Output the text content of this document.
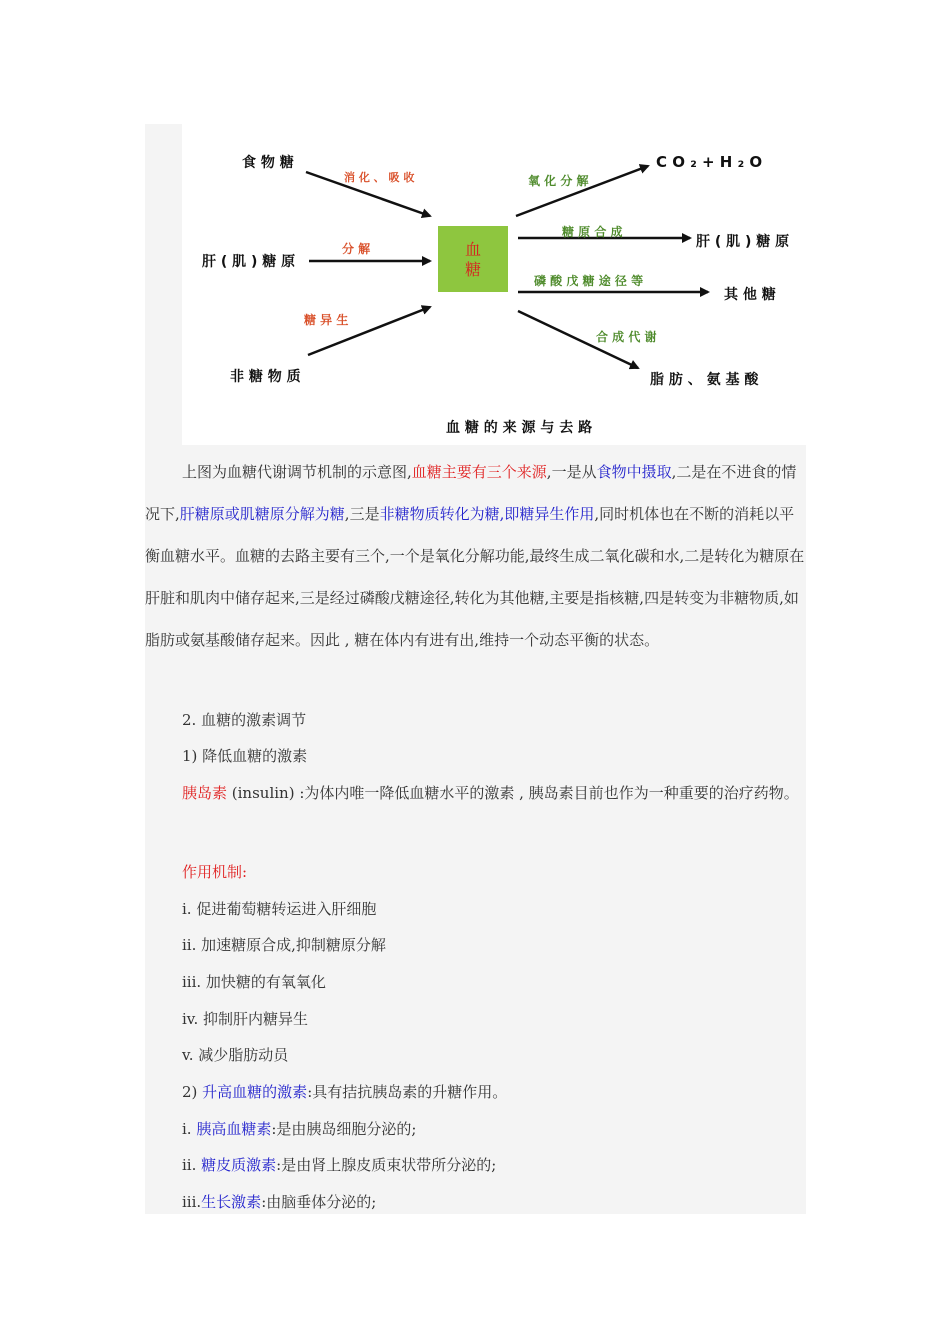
血
糖
食 物 糖
肝 ( 肌 ) 糖 原
非 糖 物 质
消 化 、 吸 收
分 解
糖 异 生
C O ₂ + H ₂ O
肝 ( 肌 ) 糖 原
其 他 糖
脂 肪 、 氨 基 酸
氧 化 分 解
糖 原 合 成
磷 酸 戊 糖 途 径 等
合 成 代 谢
血 糖 的 来 源 与 去 路

上图为血糖代谢调节机制的示意图,血糖主要有三个来源,一是从食物中摄取,二是在不进食的情况下,肝糖原或肌糖原分解为糖,三是非糖物质转化为糖,即糖异生作用,同时机体也在不断的消耗以平衡血糖水平。血糖的去路主要有三个,一个是氧化分解功能,最终生成二氧化碳和水,二是转化为糖原在肝脏和肌肉中储存起来,三是经过磷酸戊糖途径,转化为其他糖,主要是指核糖,四是转变为非糖物质,如脂肪或氨基酸储存起来。因此 , 糖在体内有进有出,维持一个动态平衡的状态。

2. 血糖的激素调节
1) 降低血糖的激素

胰岛素 (insulin) :为体内唯一降低血糖水平的激素 , 胰岛素目前也作为一种重要的治疗药物。

作用机制:
i. 促进葡萄糖转运进入肝细胞
ii. 加速糖原合成,抑制糖原分解
iii. 加快糖的有氧氧化
iv. 抑制肝内糖异生
v. 减少脂肪动员
2) 升高血糖的激素:具有拮抗胰岛素的升糖作用。
i. 胰高血糖素:是由胰岛细胞分泌的;
ii. 糖皮质激素:是由肾上腺皮质束状带所分泌的;
iii.生长激素:由脑垂体分泌的;
